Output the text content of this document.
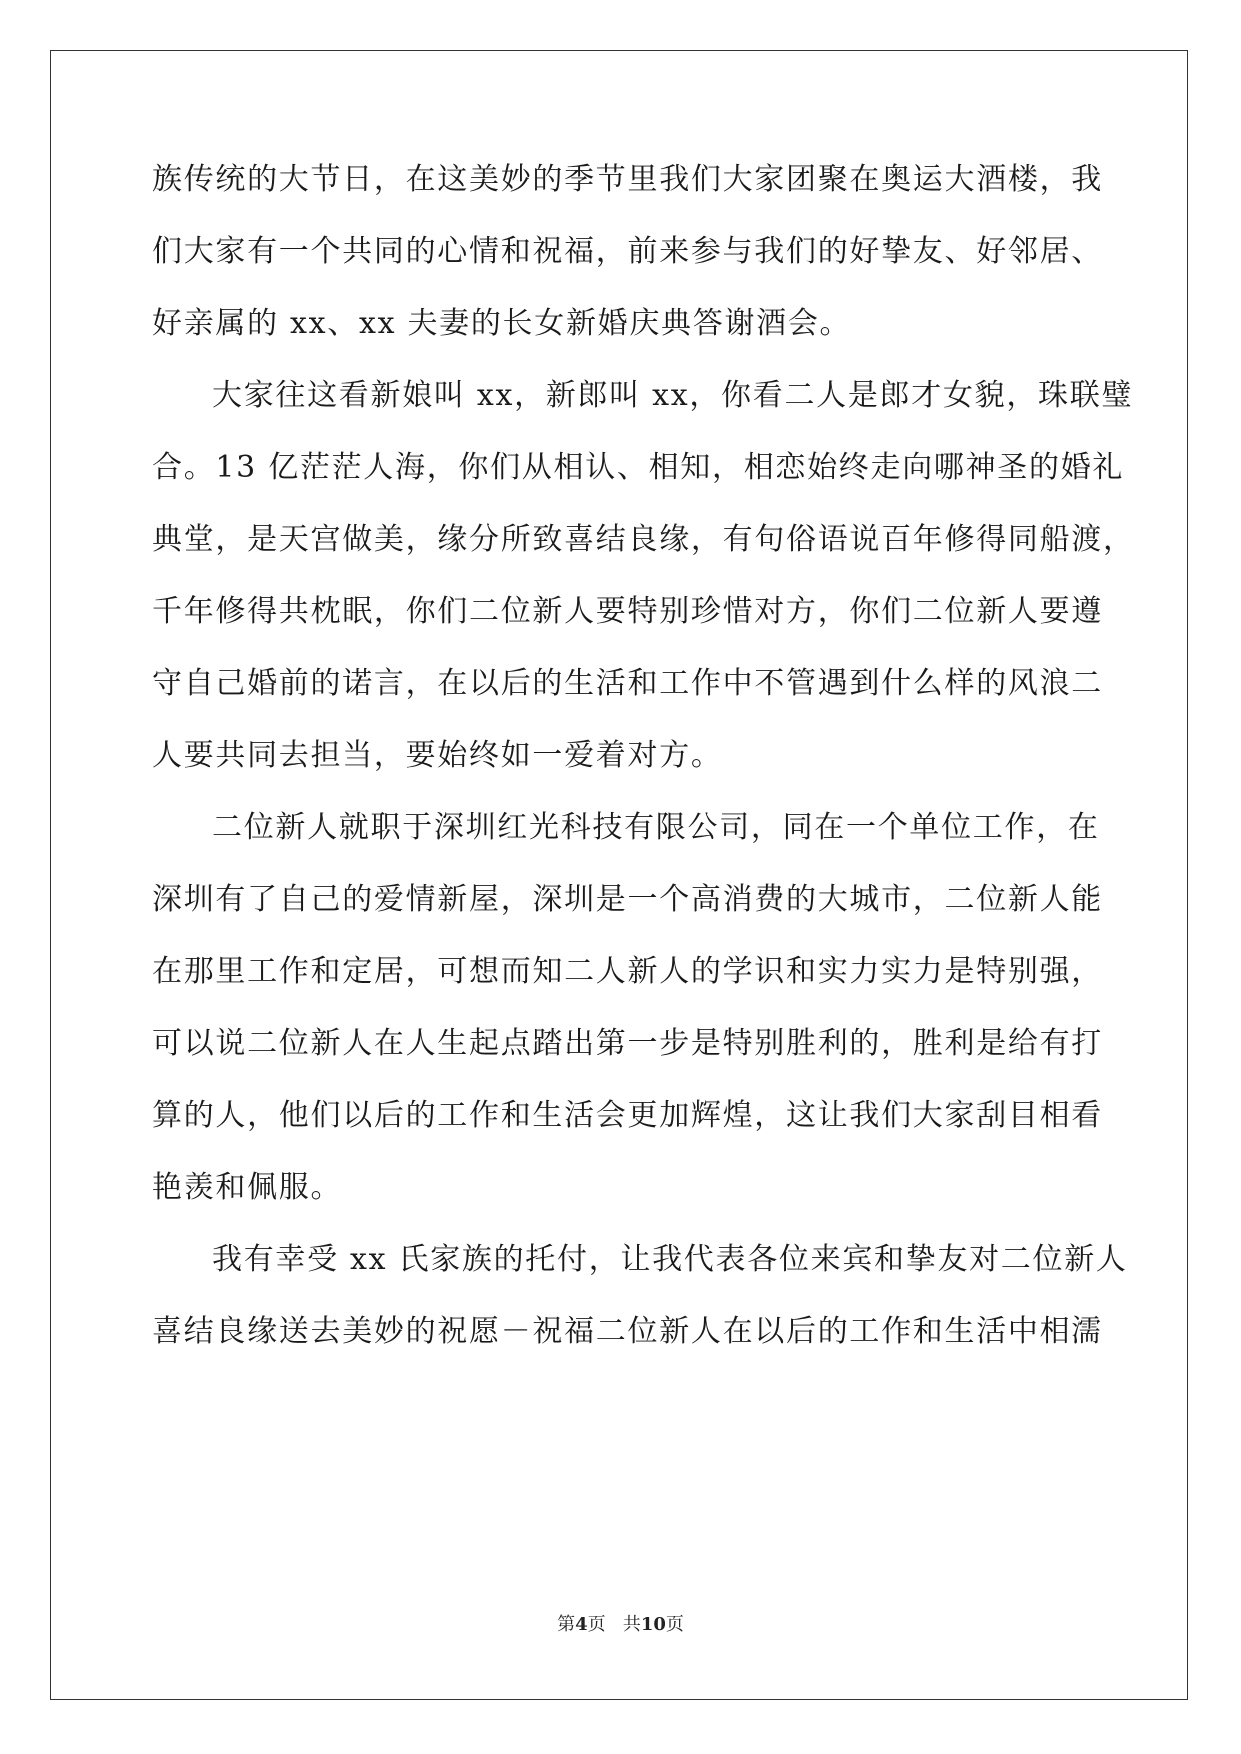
族传统的大节日，在这美妙的季节里我们大家团聚在奥运大酒楼，我
们大家有一个共同的心情和祝福，前来参与我们的好挚友、好邻居、
好亲属的 xx、xx 夫妻的长女新婚庆典答谢酒会。
大家往这看新娘叫 xx，新郎叫 xx，你看二人是郎才女貌，珠联璧
合。13 亿茫茫人海，你们从相认、相知，相恋始终走向哪神圣的婚礼
典堂，是天宫做美，缘分所致喜结良缘，有句俗语说百年修得同船渡，
千年修得共枕眠，你们二位新人要特别珍惜对方，你们二位新人要遵
守自己婚前的诺言，在以后的生活和工作中不管遇到什么样的风浪二
人要共同去担当，要始终如一爱着对方。
二位新人就职于深圳红光科技有限公司，同在一个单位工作，在
深圳有了自己的爱情新屋，深圳是一个高消费的大城市，二位新人能
在那里工作和定居，可想而知二人新人的学识和实力实力是特别强，
可以说二位新人在人生起点踏出第一步是特别胜利的，胜利是给有打
算的人，他们以后的工作和生活会更加辉煌，这让我们大家刮目相看
艳羡和佩服。
我有幸受 xx 氏家族的托付，让我代表各位来宾和挚友对二位新人
喜结良缘送去美妙的祝愿－祝福二位新人在以后的工作和生活中相濡
第4页 共10页
